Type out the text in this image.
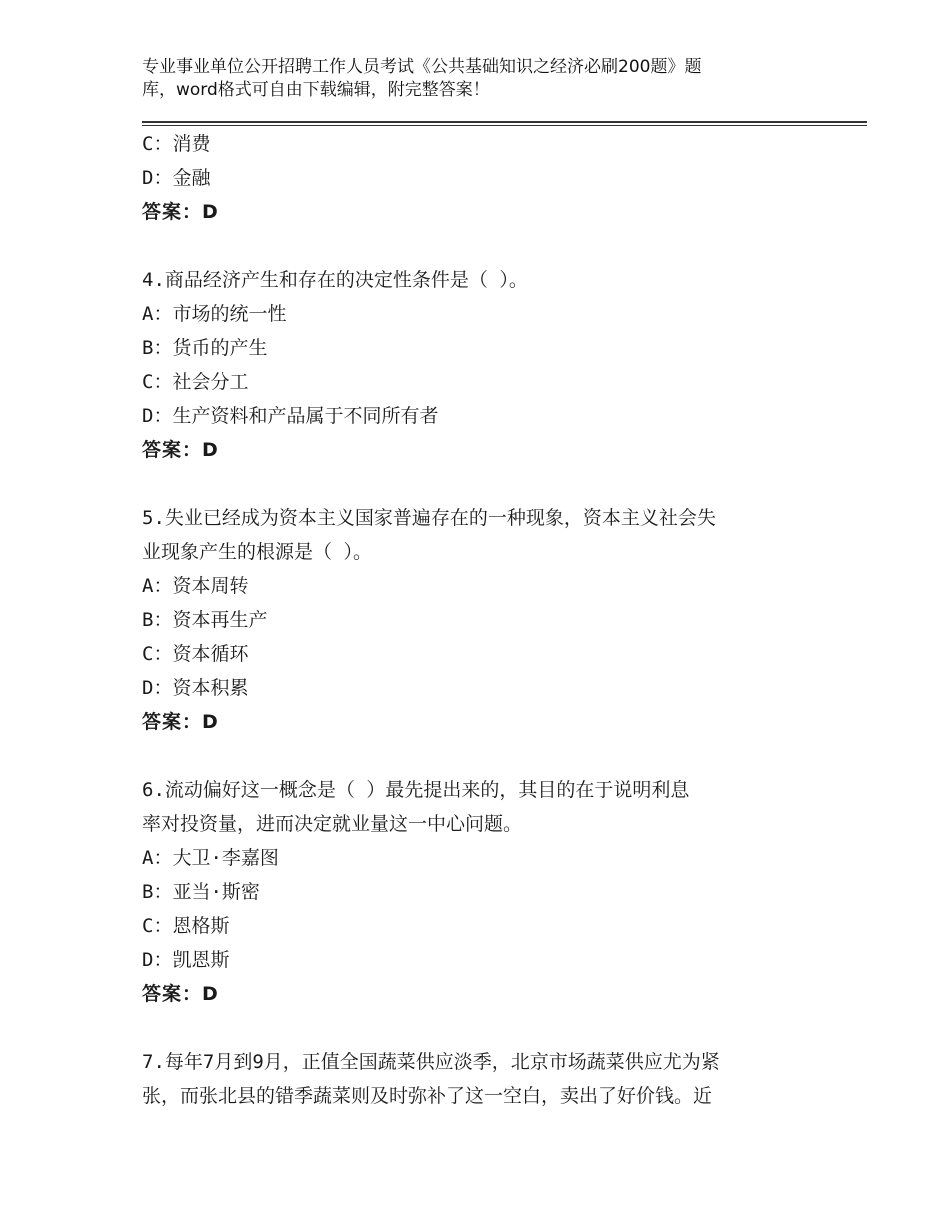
专业事业单位公开招聘工作人员考试《公共基础知识之经济必刷200题》题
库，word格式可自由下载编辑，附完整答案！
C：消费
D：金融
答案：D
4.商品经济产生和存在的决定性条件是（ ）。
A：市场的统一性
B：货币的产生
C：社会分工
D：生产资料和产品属于不同所有者
答案：D
5.失业已经成为资本主义国家普遍存在的一种现象，资本主义社会失
业现象产生的根源是（ ）。
A：资本周转
B：资本再生产
C：资本循环
D：资本积累
答案：D
6.流动偏好这一概念是（ ）最先提出来的，其目的在于说明利息
率对投资量，进而决定就业量这一中心问题。
A：大卫·李嘉图
B：亚当·斯密
C：恩格斯
D：凯恩斯
答案：D
7.每年7月到9月，正值全国蔬菜供应淡季，北京市场蔬菜供应尤为紧
张，而张北县的错季蔬菜则及时弥补了这一空白，卖出了好价钱。近
